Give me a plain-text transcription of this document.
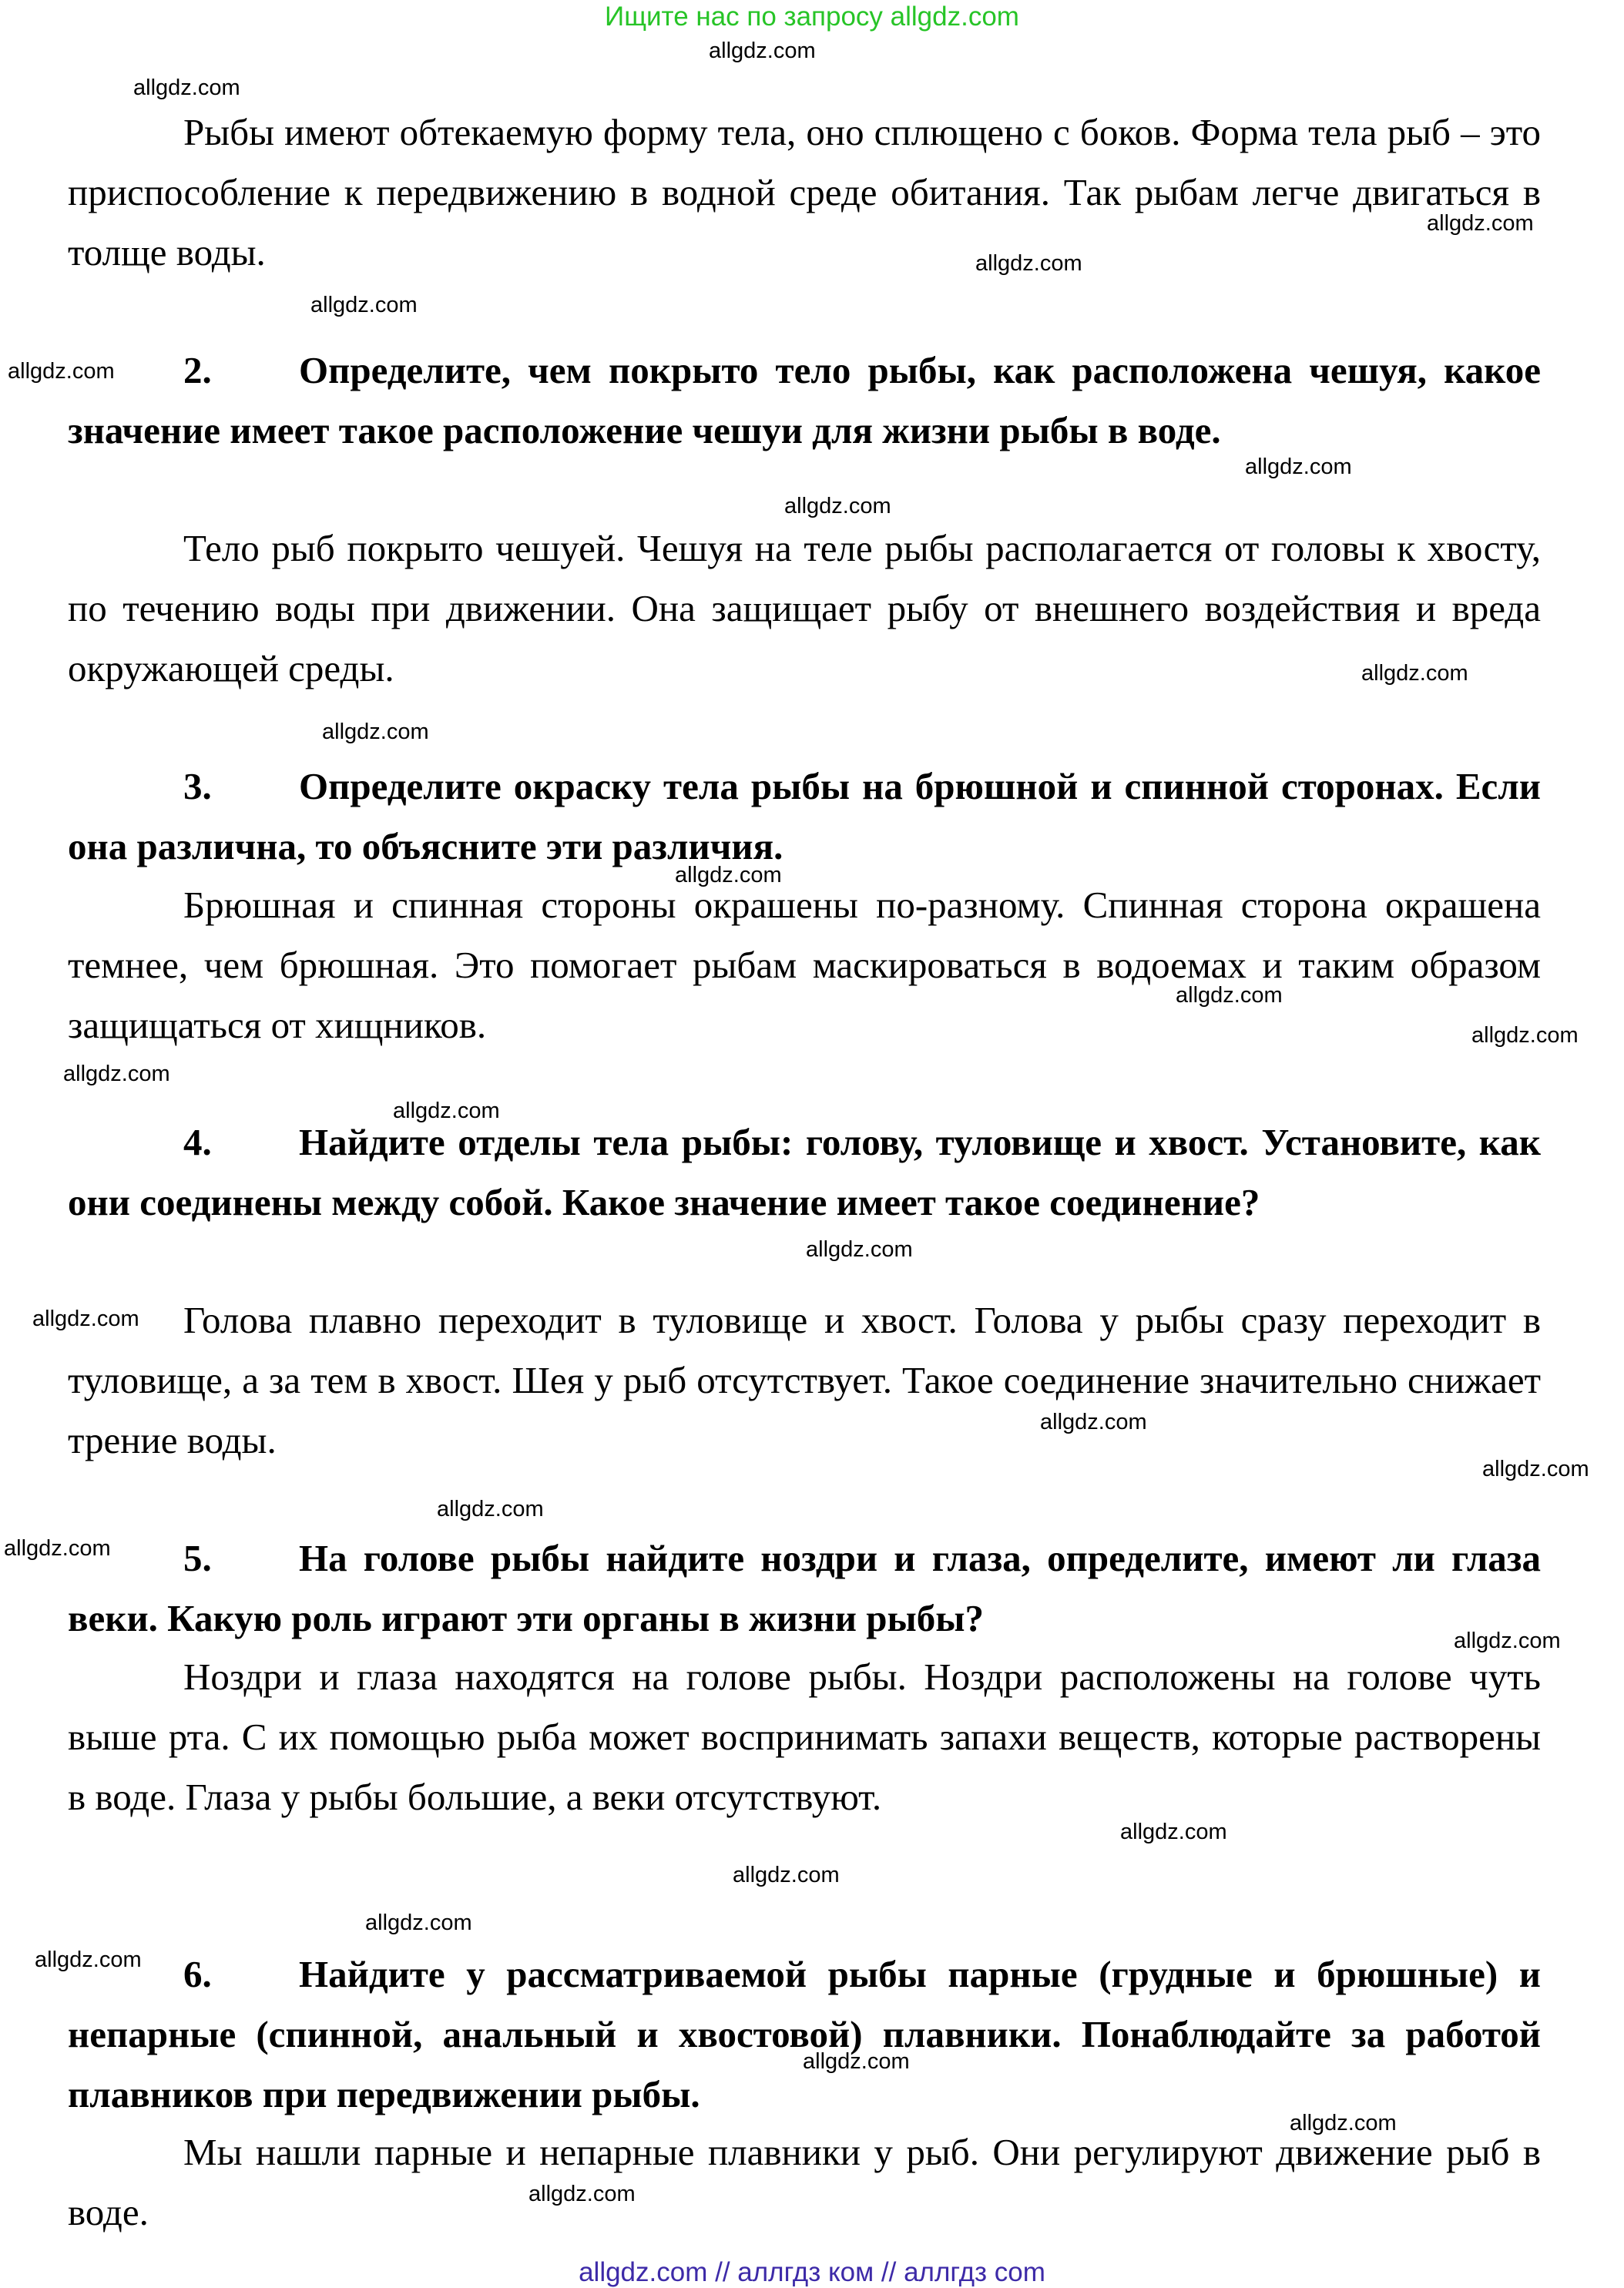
Ищите нас по запросу allgdz.com
allgdz.com
allgdz.com
allgdz.com
allgdz.com
allgdz.com
allgdz.com
allgdz.com
allgdz.com
allgdz.com
allgdz.com
allgdz.com
allgdz.com
allgdz.com
allgdz.com
allgdz.com
allgdz.com
allgdz.com
allgdz.com
allgdz.com
allgdz.com
allgdz.com
allgdz.com
allgdz.com
allgdz.com
allgdz.com
allgdz.com
allgdz.com
allgdz.com
allgdz.com

Рыбы имеют обтекаемую форму тела, оно сплющено с боков. Форма тела рыб – это приспособление к передвижению в водной среде обитания. Так рыбам легче двигаться в толще воды.

2. Определите, чем покрыто тело рыбы, как расположена чешуя, какое значение имеет такое расположение чешуи для жизни рыбы в воде.

Тело рыб покрыто чешуей. Чешуя на теле рыбы располагается от головы к хвосту, по течению воды при движении. Она защищает рыбу от внешнего воздействия и вреда окружающей среды.

3. Определите окраску тела рыбы на брюшной и спинной сторонах. Если она различна, то объясните эти различия.

Брюшная и спинная стороны окрашены по-разному. Спинная сторона окрашена темнее, чем брюшная. Это помогает рыбам маскироваться в водоемах и таким образом защищаться от хищников.

4. Найдите отделы тела рыбы: голову, туловище и хвост. Установите, как они соединены между собой. Какое значение имеет такое соединение?

Голова плавно переходит в туловище и хвост. Голова у рыбы сразу переходит в туловище, а за тем в хвост. Шея у рыб отсутствует. Такое соединение значительно снижает трение воды.

5. На голове рыбы найдите ноздри и глаза, определите, имеют ли глаза веки. Какую роль играют эти органы в жизни рыбы?

Ноздри и глаза находятся на голове рыбы. Ноздри расположены на голове чуть выше рта. С их помощью рыба может воспринимать запахи веществ, которые растворены в воде. Глаза у рыбы большие, а веки отсутствуют.

6. Найдите у рассматриваемой рыбы парные (грудные и брюшные) и непарные (спинной, анальный и хвостовой) плавники. Понаблюдайте за работой плавников при передвижении рыбы.

Мы нашли парные и непарные плавники у рыб. Они регулируют движение рыб в воде.

allgdz.com // аллгдз ком // аллгдз com
